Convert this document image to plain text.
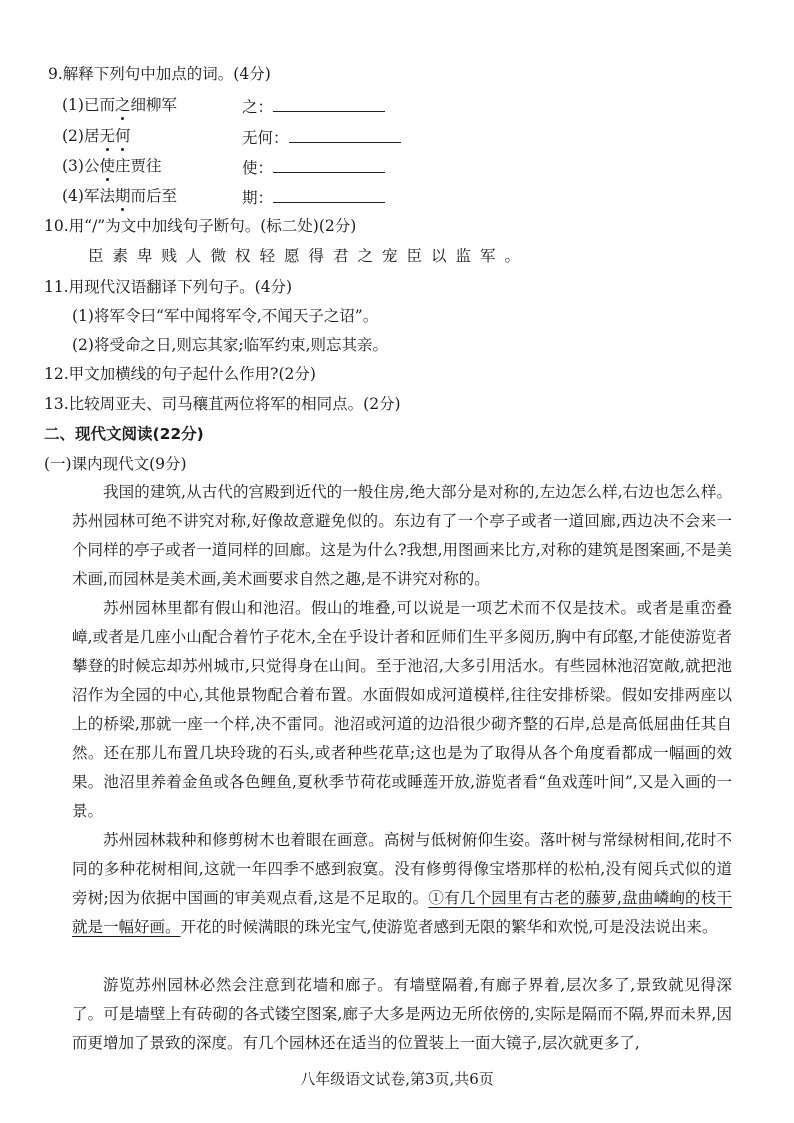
9.解释下列句中加点的词。(4分)
(1)已而之细柳军	之：
(2)居无何	无何：
(3)公使庄贾往	使：
(4)军法期而后至	期：
10.用“/”为文中加线句子断句。(标二处)(2分)
臣素卑贱人微权轻愿得君之宠臣以监军。
11.用现代汉语翻译下列句子。(4分)
(1)将军令曰“军中闻将军令,不闻天子之诏”。
(2)将受命之日,则忘其家;临军约束,则忘其亲。
12.甲文加横线的句子起什么作用?(2分)
13.比较周亚夫、司马穰苴两位将军的相同点。(2分)
二、现代文阅读(22分)
(一)课内现代文(9分)
我国的建筑,从古代的宫殿到近代的一般住房,绝大部分是对称的,左边怎么样,右边也怎么样。苏州园林可绝不讲究对称,好像故意避免似的。东边有了一个亭子或者一道回廊,西边决不会来一个同样的亭子或者一道同样的回廊。这是为什么?我想,用图画来比方,对称的建筑是图案画,不是美术画,而园林是美术画,美术画要求自然之趣,是不讲究对称的。
苏州园林里都有假山和池沼。假山的堆叠,可以说是一项艺术而不仅是技术。或者是重峦叠嶂,或者是几座小山配合着竹子花木,全在乎设计者和匠师们生平多阅历,胸中有邱壑,才能使游览者攀登的时候忘却苏州城市,只觉得身在山间。至于池沼,大多引用活水。有些园林池沼宽敞,就把池沼作为全园的中心,其他景物配合着布置。水面假如成河道模样,往往安排桥梁。假如安排两座以上的桥梁,那就一座一个样,决不雷同。池沼或河道的边沿很少砌齐整的石岸,总是高低屈曲任其自然。还在那儿布置几块玲珑的石头,或者种些花草;这也是为了取得从各个角度看都成一幅画的效果。池沼里养着金鱼或各色鲤鱼,夏秋季节荷花或睡莲开放,游览者看“鱼戏莲叶间”,又是入画的一景。
苏州园林栽种和修剪树木也着眼在画意。高树与低树俯仰生姿。落叶树与常绿树相间,花时不同的多种花树相间,这就一年四季不感到寂寞。没有修剪得像宝塔那样的松柏,没有阅兵式似的道旁树;因为依据中国画的审美观点看,这是不足取的。①有几个园里有古老的藤萝,盘曲嶙峋的枝干就是一幅好画。开花的时候满眼的珠光宝气,使游览者感到无限的繁华和欢悦,可是没法说出来。
游览苏州园林必然会注意到花墙和廊子。有墙壁隔着,有廊子界着,层次多了,景致就见得深了。可是墙壁上有砖砌的各式镂空图案,廊子大多是两边无所依傍的,实际是隔而不隔,界而未界,因而更增加了景致的深度。有几个园林还在适当的位置装上一面大镜子,层次就更多了,
八年级语文试卷,第3页,共6页
